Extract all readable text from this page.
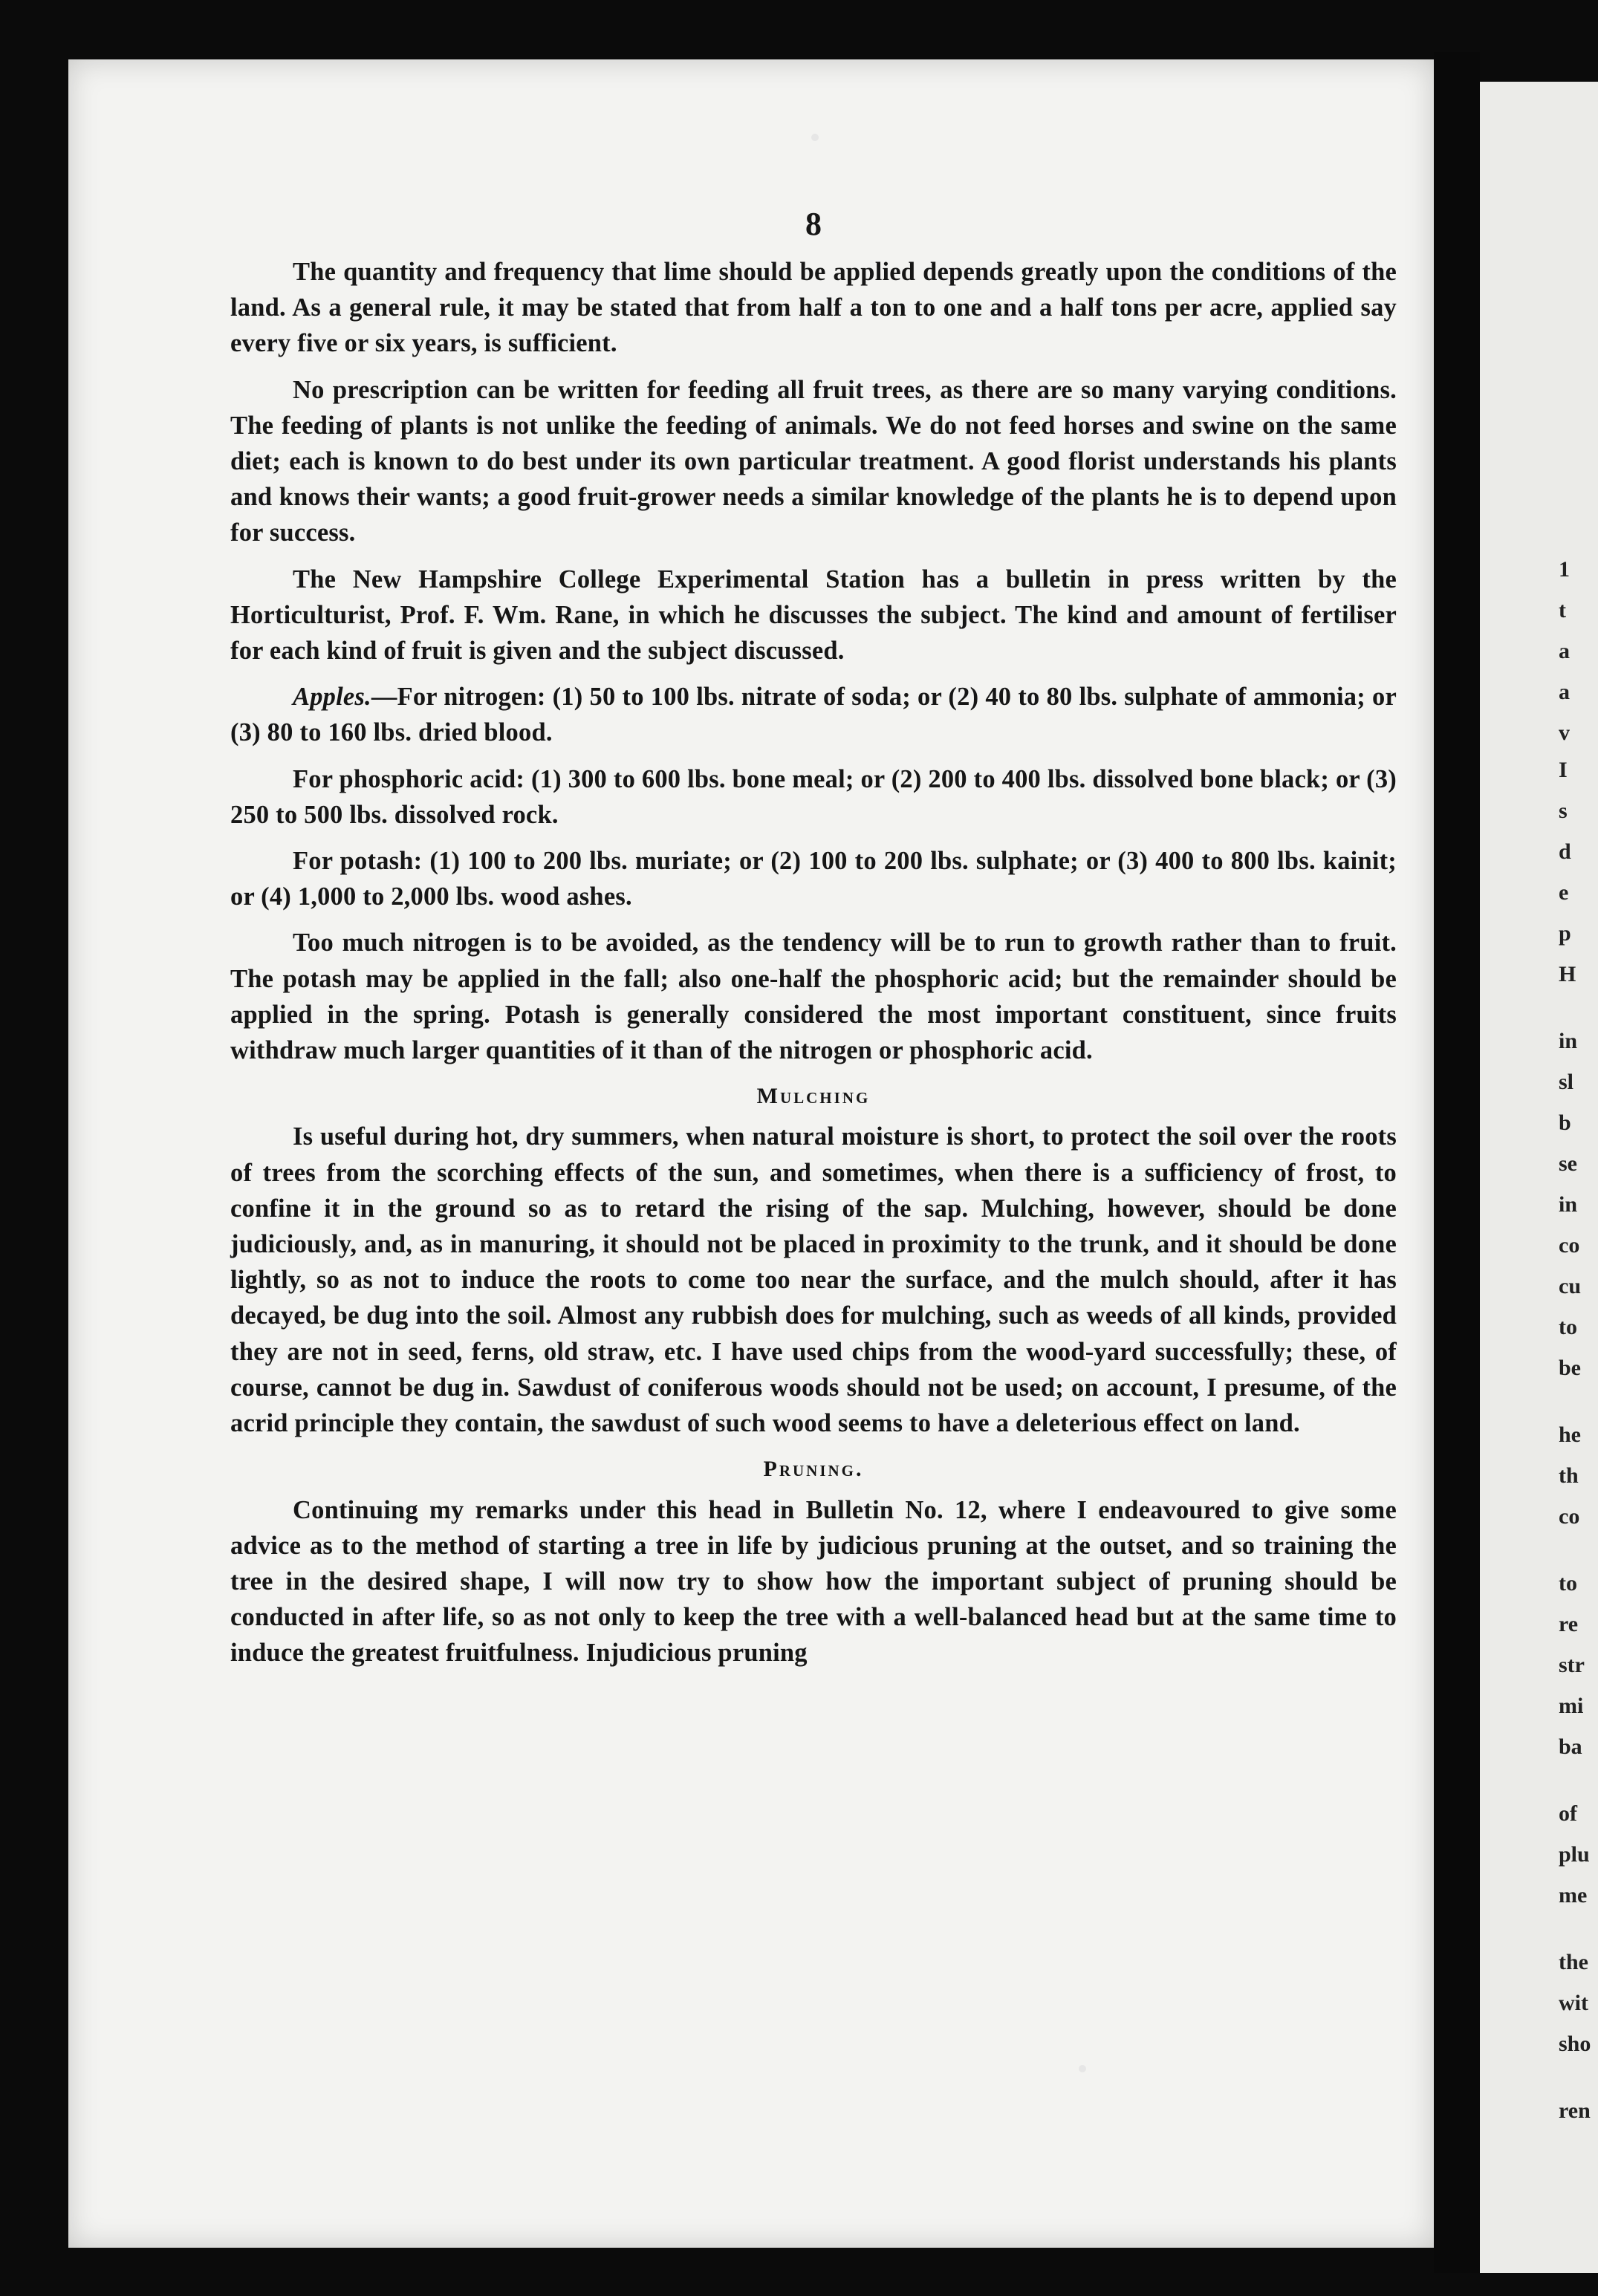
1
t
a
a
v
I
s
d
e
p
H
in
sl
b
se
in
co
cu
to
be
he
th
co
to
re
str
mi
ba
of
plu
me
the
wit
sho
ren
8

The quantity and frequency that lime should be applied depends greatly upon the conditions of the land. As a general rule, it may be stated that from half a ton to one and a half tons per acre, applied say every five or six years, is sufficient.

No prescription can be written for feeding all fruit trees, as there are so many varying conditions. The feeding of plants is not unlike the feeding of animals. We do not feed horses and swine on the same diet; each is known to do best under its own particular treatment. A good florist understands his plants and knows their wants; a good fruit-grower needs a similar knowledge of the plants he is to depend upon for success.

The New Hampshire College Experimental Station has a bulletin in press written by the Horticulturist, Prof. F. Wm. Rane, in which he discusses the subject. The kind and amount of fertiliser for each kind of fruit is given and the subject discussed.

Apples.—For nitrogen: (1) 50 to 100 lbs. nitrate of soda; or (2) 40 to 80 lbs. sulphate of ammonia; or (3) 80 to 160 lbs. dried blood.

For phosphoric acid: (1) 300 to 600 lbs. bone meal; or (2) 200 to 400 lbs. dissolved bone black; or (3) 250 to 500 lbs. dissolved rock.

For potash: (1) 100 to 200 lbs. muriate; or (2) 100 to 200 lbs. sulphate; or (3) 400 to 800 lbs. kainit; or (4) 1,000 to 2,000 lbs. wood ashes.

Too much nitrogen is to be avoided, as the tendency will be to run to growth rather than to fruit. The potash may be applied in the fall; also one-half the phosphoric acid; but the remainder should be applied in the spring. Potash is generally considered the most important constituent, since fruits withdraw much larger quantities of it than of the nitrogen or phosphoric acid.

Mulching

Is useful during hot, dry summers, when natural moisture is short, to protect the soil over the roots of trees from the scorching effects of the sun, and sometimes, when there is a sufficiency of frost, to confine it in the ground so as to retard the rising of the sap. Mulching, however, should be done judiciously, and, as in manuring, it should not be placed in proximity to the trunk, and it should be done lightly, so as not to induce the roots to come too near the surface, and the mulch should, after it has decayed, be dug into the soil. Almost any rubbish does for mulching, such as weeds of all kinds, provided they are not in seed, ferns, old straw, etc. I have used chips from the wood-yard successfully; these, of course, cannot be dug in. Sawdust of coniferous woods should not be used; on account, I presume, of the acrid principle they contain, the sawdust of such wood seems to have a deleterious effect on land.

Pruning.

Continuing my remarks under this head in Bulletin No. 12, where I endeavoured to give some advice as to the method of starting a tree in life by judicious pruning at the outset, and so training the tree in the desired shape, I will now try to show how the important subject of pruning should be conducted in after life, so as not only to keep the tree with a well-balanced head but at the same time to induce the greatest fruitfulness. Injudicious pruning
